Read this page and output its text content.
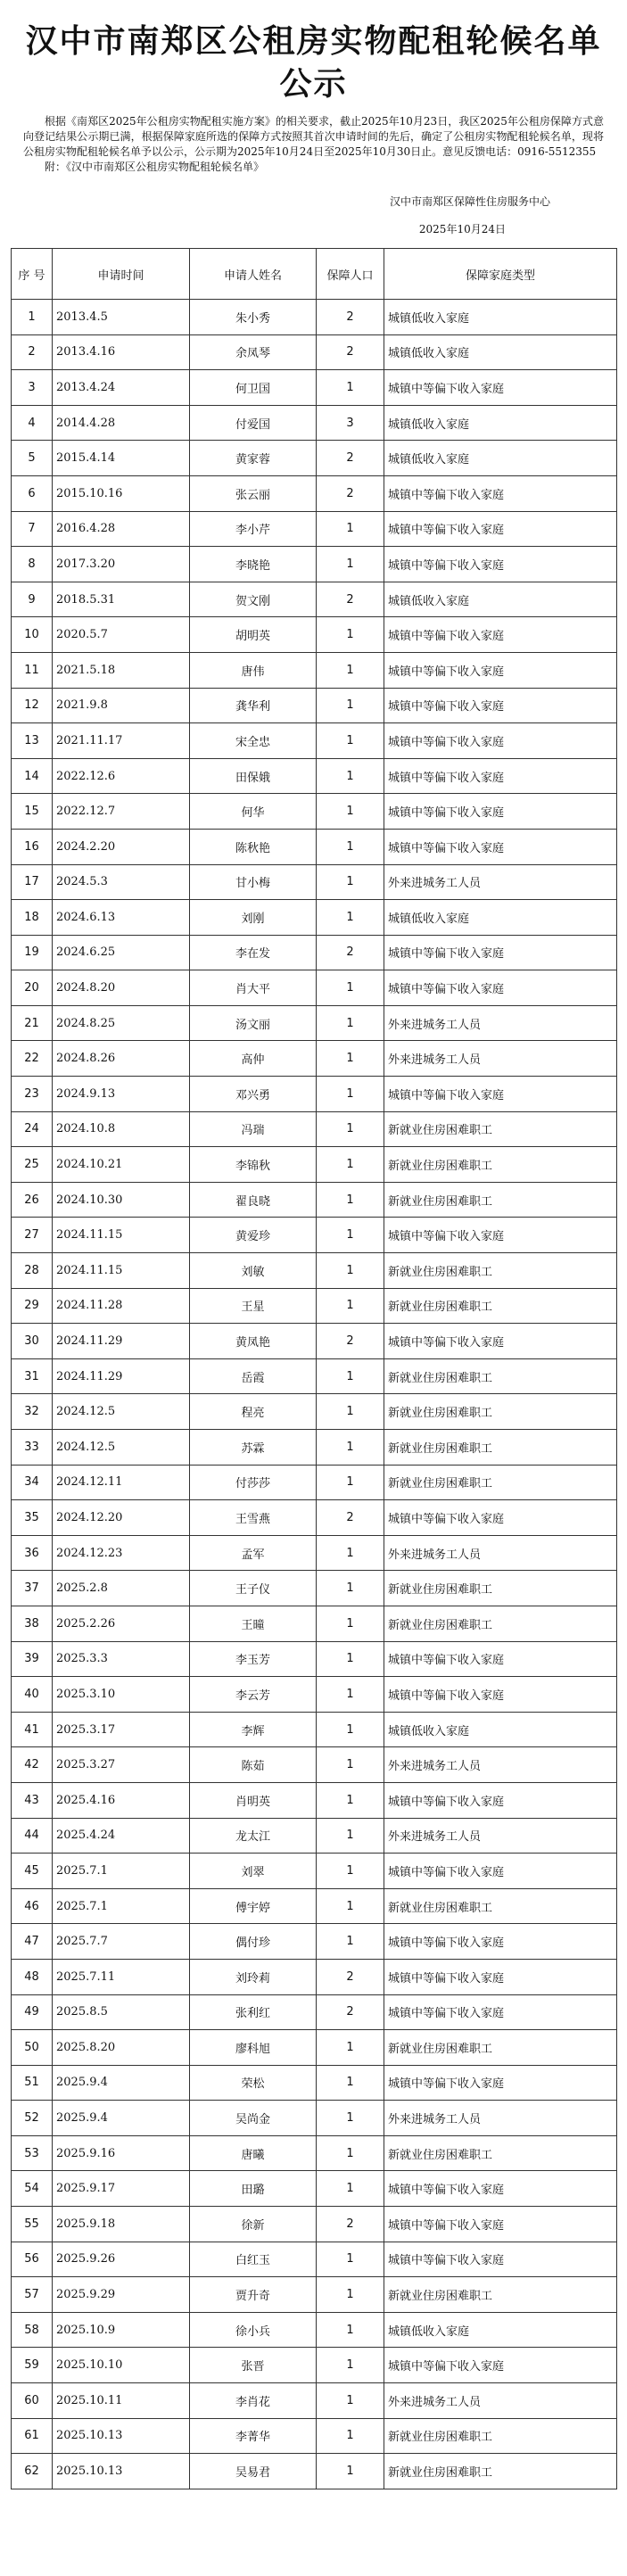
汉中市南郑区公租房实物配租轮候名单公示

根据《南郑区2025年公租房实物配租实施方案》的相关要求，截止2025年10月23日，我区2025年公租房保障方式意向登记结果公示期已满，根据保障家庭所选的保障方式按照其首次申请时间的先后，确定了公租房实物配租轮候名单，现将公租房实物配租轮候名单予以公示，公示期为2025年10月24日至2025年10月30日止。意见反馈电话：0916-5512355

附：《汉中市南郑区公租房实物配租轮候名单》

汉中市南郑区保障性住房服务中心
2025年10月24日
序 号	申请时间	申请人姓名	保障人口	保障家庭类型
1	2013.4.5	朱小秀	2	城镇低收入家庭
2	2013.4.16	余凤琴	2	城镇低收入家庭
3	2013.4.24	何卫国	1	城镇中等偏下收入家庭
4	2014.4.28	付爱国	3	城镇低收入家庭
5	2015.4.14	黄家蓉	2	城镇低收入家庭
6	2015.10.16	张云丽	2	城镇中等偏下收入家庭
7	2016.4.28	李小芹	1	城镇中等偏下收入家庭
8	2017.3.20	李晓艳	1	城镇中等偏下收入家庭
9	2018.5.31	贺文刚	2	城镇低收入家庭
10	2020.5.7	胡明英	1	城镇中等偏下收入家庭
11	2021.5.18	唐伟	1	城镇中等偏下收入家庭
12	2021.9.8	龚华利	1	城镇中等偏下收入家庭
13	2021.11.17	宋全忠	1	城镇中等偏下收入家庭
14	2022.12.6	田保娥	1	城镇中等偏下收入家庭
15	2022.12.7	何华	1	城镇中等偏下收入家庭
16	2024.2.20	陈秋艳	1	城镇中等偏下收入家庭
17	2024.5.3	甘小梅	1	外来进城务工人员
18	2024.6.13	刘刚	1	城镇低收入家庭
19	2024.6.25	李在发	2	城镇中等偏下收入家庭
20	2024.8.20	肖大平	1	城镇中等偏下收入家庭
21	2024.8.25	汤文丽	1	外来进城务工人员
22	2024.8.26	高仲	1	外来进城务工人员
23	2024.9.13	邓兴勇	1	城镇中等偏下收入家庭
24	2024.10.8	冯瑞	1	新就业住房困难职工
25	2024.10.21	李锦秋	1	新就业住房困难职工
26	2024.10.30	翟良晓	1	新就业住房困难职工
27	2024.11.15	黄爱珍	1	城镇中等偏下收入家庭
28	2024.11.15	刘敏	1	新就业住房困难职工
29	2024.11.28	王星	1	新就业住房困难职工
30	2024.11.29	黄凤艳	2	城镇中等偏下收入家庭
31	2024.11.29	岳霞	1	新就业住房困难职工
32	2024.12.5	程亮	1	新就业住房困难职工
33	2024.12.5	苏霖	1	新就业住房困难职工
34	2024.12.11	付莎莎	1	新就业住房困难职工
35	2024.12.20	王雪燕	2	城镇中等偏下收入家庭
36	2024.12.23	孟军	1	外来进城务工人员
37	2025.2.8	王子仪	1	新就业住房困难职工
38	2025.2.26	王曈	1	新就业住房困难职工
39	2025.3.3	李玉芳	1	城镇中等偏下收入家庭
40	2025.3.10	李云芳	1	城镇中等偏下收入家庭
41	2025.3.17	李辉	1	城镇低收入家庭
42	2025.3.27	陈茹	1	外来进城务工人员
43	2025.4.16	肖明英	1	城镇中等偏下收入家庭
44	2025.4.24	龙太江	1	外来进城务工人员
45	2025.7.1	刘翠	1	城镇中等偏下收入家庭
46	2025.7.1	傅宇婷	1	新就业住房困难职工
47	2025.7.7	偶付珍	1	城镇中等偏下收入家庭
48	2025.7.11	刘玲莉	2	城镇中等偏下收入家庭
49	2025.8.5	张利红	2	城镇中等偏下收入家庭
50	2025.8.20	廖科旭	1	新就业住房困难职工
51	2025.9.4	荣松	1	城镇中等偏下收入家庭
52	2025.9.4	吴尚金	1	外来进城务工人员
53	2025.9.16	唐曦	1	新就业住房困难职工
54	2025.9.17	田璐	1	城镇中等偏下收入家庭
55	2025.9.18	徐新	2	城镇中等偏下收入家庭
56	2025.9.26	白红玉	1	城镇中等偏下收入家庭
57	2025.9.29	贾升奇	1	新就业住房困难职工
58	2025.10.9	徐小兵	1	城镇低收入家庭
59	2025.10.10	张晋	1	城镇中等偏下收入家庭
60	2025.10.11	李肖花	1	外来进城务工人员
61	2025.10.13	李菁华	1	新就业住房困难职工
62	2025.10.13	吴易君	1	新就业住房困难职工
